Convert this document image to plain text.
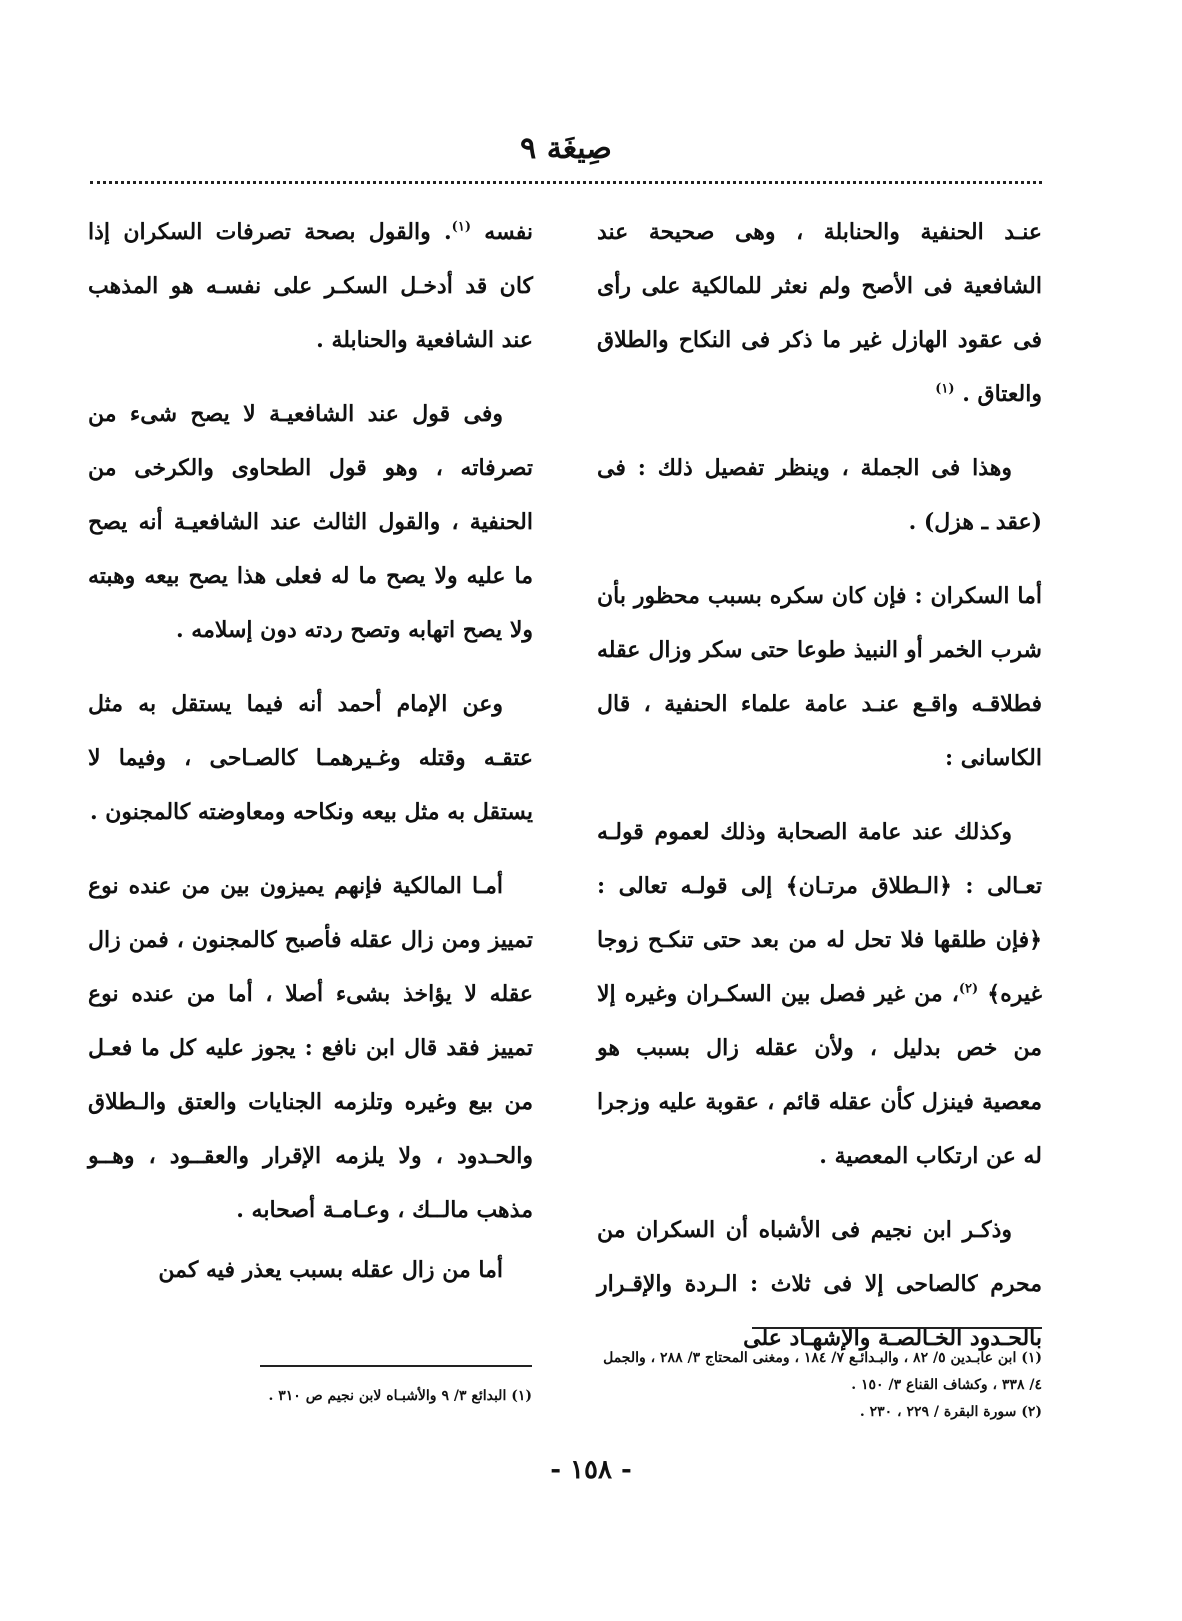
صِيغَة ٩

عنـد الحنفية والحنابلة ، وهى صحيحة عند الشافعية فى الأصح ولم نعثر للمالكية على رأى فى عقود الهازل غير ما ذكر فى النكاح والطلاق والعتاق . $^{(١)}$

وهذا فى الجملة ، وينظر تفصيل ذلك : فى (عقد ـ هزل) .

أما السكران : فإن كان سكره بسبب محظور بأن شرب الخمر أو النبيذ طوعا حتى سكر وزال عقله فطلاقـه واقـع عنـد عامة علماء الحنفية ، قال الكاسانى :

وكذلك عند عامة الصحابة وذلك لعموم قولـه تعـالى : ﴿الـطلاق مرتـان﴾ إلى قولـه تعالى : ﴿فإن طلقها فلا تحل له من بعد حتى تنكـح زوجا غيره﴾ $^{(٢)}$، من غير فصل بين السكـران وغيره إلا من خص بدليل ، ولأن عقله زال بسبب هو معصية فينزل كأن عقله قائم ، عقوبة عليه وزجرا له عن ارتكاب المعصية .

وذكـر ابن نجيم فى الأشباه أن السكران من محرم كالصاحى إلا فى ثلاث : الـردة والإقـرار بالحـدود الخـالصـة والإشهـاد على

نفسه $^{(١)}$. والقول بصحة تصرفات السكران إذا كان قد أدخـل السكـر على نفسـه هو المذهب عند الشافعية والحنابلة .

وفى قول عند الشافعيـة لا يصح شىء من تصرفاته ، وهو قول الطحاوى والكرخى من الحنفية ، والقول الثالث عند الشافعيـة أنه يصح ما عليه ولا يصح ما له فعلى هذا يصح بيعه وهبته ولا يصح اتهابه وتصح ردته دون إسلامه .

وعن الإمام أحمد أنه فيما يستقل به مثل عتقـه وقتله وغـيرهمـا كالصـاحى ، وفيما لا يستقل به مثل بيعه ونكاحه ومعاوضته كالمجنون .

أمـا المالكية فإنهم يميزون بين من عنده نوع تمييز ومن زال عقله فأصبح كالمجنون ، فمن زال عقله لا يؤاخذ بشىء أصلا ، أما من عنده نوع تمييز فقد قال ابن نافع : يجوز عليه كل ما فعـل من بيع وغيره وتلزمه الجنايات والعتق والـطلاق والحـدود ، ولا يلزمه الإقرار والعقــود ، وهــو مذهب مالــك ، وعـامـة أصحابه .

أما من زال عقله بسبب يعذر فيه كمن

(١) ابن عابـدين ٥/ ٨٢ ، والبـدائـع ٧/ ١٨٤ ، ومغنى المحتاج ٣/ ٢٨٨ ، والجمل ٤/ ٣٣٨ ، وكشاف القناع ٣/ ١٥٠ .

(٢) سورة البقرة / ٢٢٩ ، ٢٣٠ .

(١) البدائع ٣/ ٩ والأشبـاه لابن نجيم ص ٣١٠ .

- ١٥٨ -
